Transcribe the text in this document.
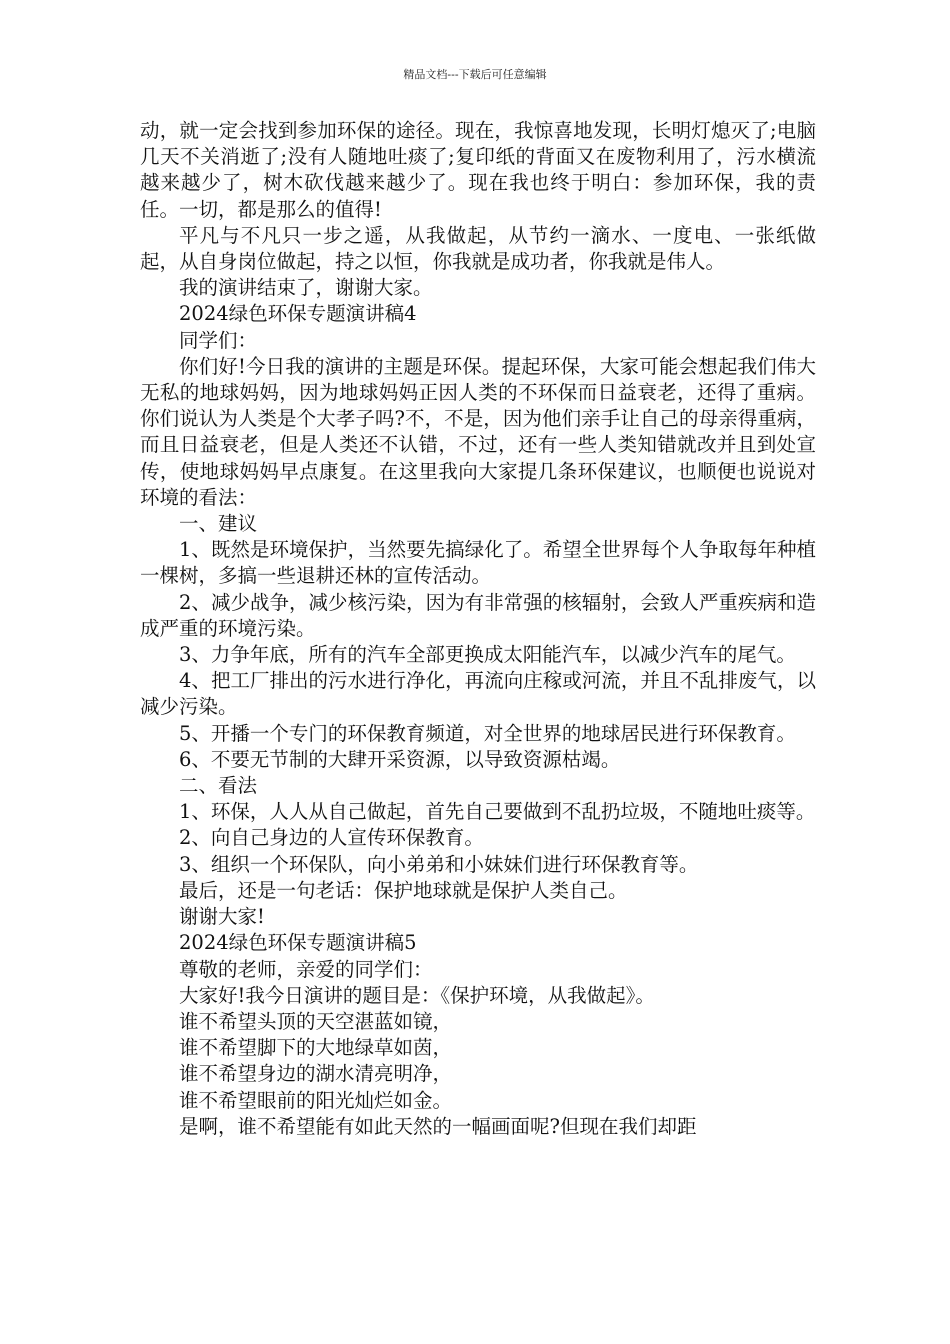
精品文档---下载后可任意编辑

动，就一定会找到参加环保的途径。现在，我惊喜地发现，长明灯熄灭了;电脑几天不关消逝了;没有人随地吐痰了;复印纸的背面又在废物利用了，污水横流越来越少了，树木砍伐越来越少了。现在我也终于明白：参加环保，我的责任。一切，都是那么的值得!

平凡与不凡只一步之遥，从我做起，从节约一滴水、一度电、一张纸做起，从自身岗位做起，持之以恒，你我就是成功者，你我就是伟人。

我的演讲结束了，谢谢大家。

2024绿色环保专题演讲稿4

同学们：

你们好!今日我的演讲的主题是环保。提起环保，大家可能会想起我们伟大无私的地球妈妈，因为地球妈妈正因人类的不环保而日益衰老，还得了重病。你们说认为人类是个大孝子吗?不，不是，因为他们亲手让自己的母亲得重病，而且日益衰老，但是人类还不认错，不过，还有一些人类知错就改并且到处宣传，使地球妈妈早点康复。在这里我向大家提几条环保建议，也顺便也说说对环境的看法：

一、建议

1、既然是环境保护，当然要先搞绿化了。希望全世界每个人争取每年种植一棵树，多搞一些退耕还林的宣传活动。

2、减少战争，减少核污染，因为有非常强的核辐射，会致人严重疾病和造成严重的环境污染。

3、力争年底，所有的汽车全部更换成太阳能汽车，以减少汽车的尾气。

4、把工厂排出的污水进行净化，再流向庄稼或河流，并且不乱排废气，以减少污染。

5、开播一个专门的环保教育频道，对全世界的地球居民进行环保教育。

6、不要无节制的大肆开采资源，以导致资源枯竭。

二、看法

1、环保，人人从自己做起，首先自己要做到不乱扔垃圾，不随地吐痰等。

2、向自己身边的人宣传环保教育。

3、组织一个环保队，向小弟弟和小妹妹们进行环保教育等。

最后，还是一句老话：保护地球就是保护人类自己。

谢谢大家!

2024绿色环保专题演讲稿5

尊敬的老师，亲爱的同学们：

大家好!我今日演讲的题目是：《保护环境，从我做起》。

谁不希望头顶的天空湛蓝如镜，

谁不希望脚下的大地绿草如茵，

谁不希望身边的湖水清亮明净，

谁不希望眼前的阳光灿烂如金。

是啊，谁不希望能有如此天然的一幅画面呢?但现在我们却距
